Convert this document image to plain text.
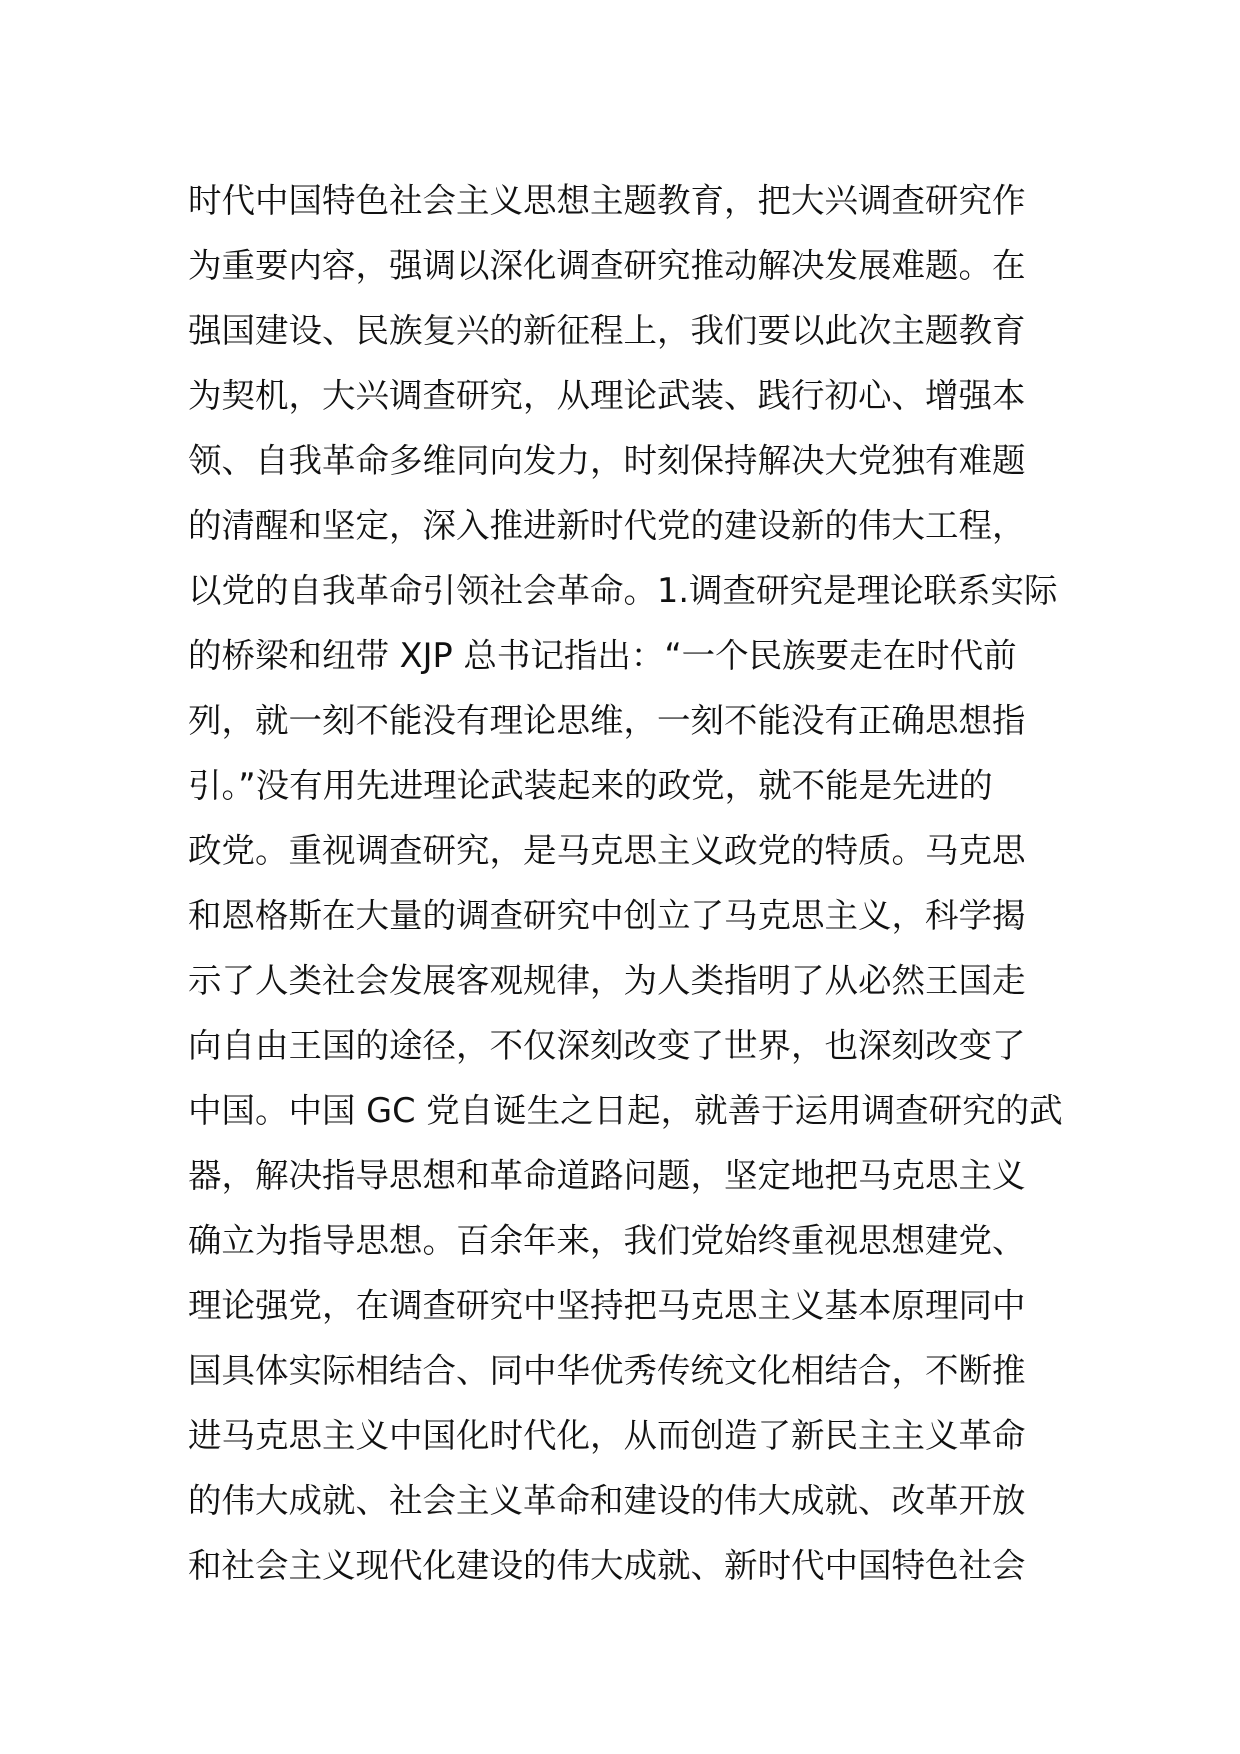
时代中国特色社会主义思想主题教育，把大兴调查研究作
为重要内容，强调以深化调查研究推动解决发展难题。在
强国建设、民族复兴的新征程上，我们要以此次主题教育
为契机，大兴调查研究，从理论武装、践行初心、增强本
领、自我革命多维同向发力，时刻保持解决大党独有难题
的清醒和坚定，深入推进新时代党的建设新的伟大工程，
以党的自我革命引领社会革命。1.调查研究是理论联系实际
的桥梁和纽带 XJP 总书记指出：“一个民族要走在时代前
列，就一刻不能没有理论思维，一刻不能没有正确思想指
引。”没有用先进理论武装起来的政党，就不能是先进的
政党。重视调查研究，是马克思主义政党的特质。马克思
和恩格斯在大量的调查研究中创立了马克思主义，科学揭
示了人类社会发展客观规律，为人类指明了从必然王国走
向自由王国的途径，不仅深刻改变了世界，也深刻改变了
中国。中国 GC 党自诞生之日起，就善于运用调查研究的武
器，解决指导思想和革命道路问题，坚定地把马克思主义
确立为指导思想。百余年来，我们党始终重视思想建党、
理论强党，在调查研究中坚持把马克思主义基本原理同中
国具体实际相结合、同中华优秀传统文化相结合，不断推
进马克思主义中国化时代化，从而创造了新民主主义革命
的伟大成就、社会主义革命和建设的伟大成就、改革开放
和社会主义现代化建设的伟大成就、新时代中国特色社会
